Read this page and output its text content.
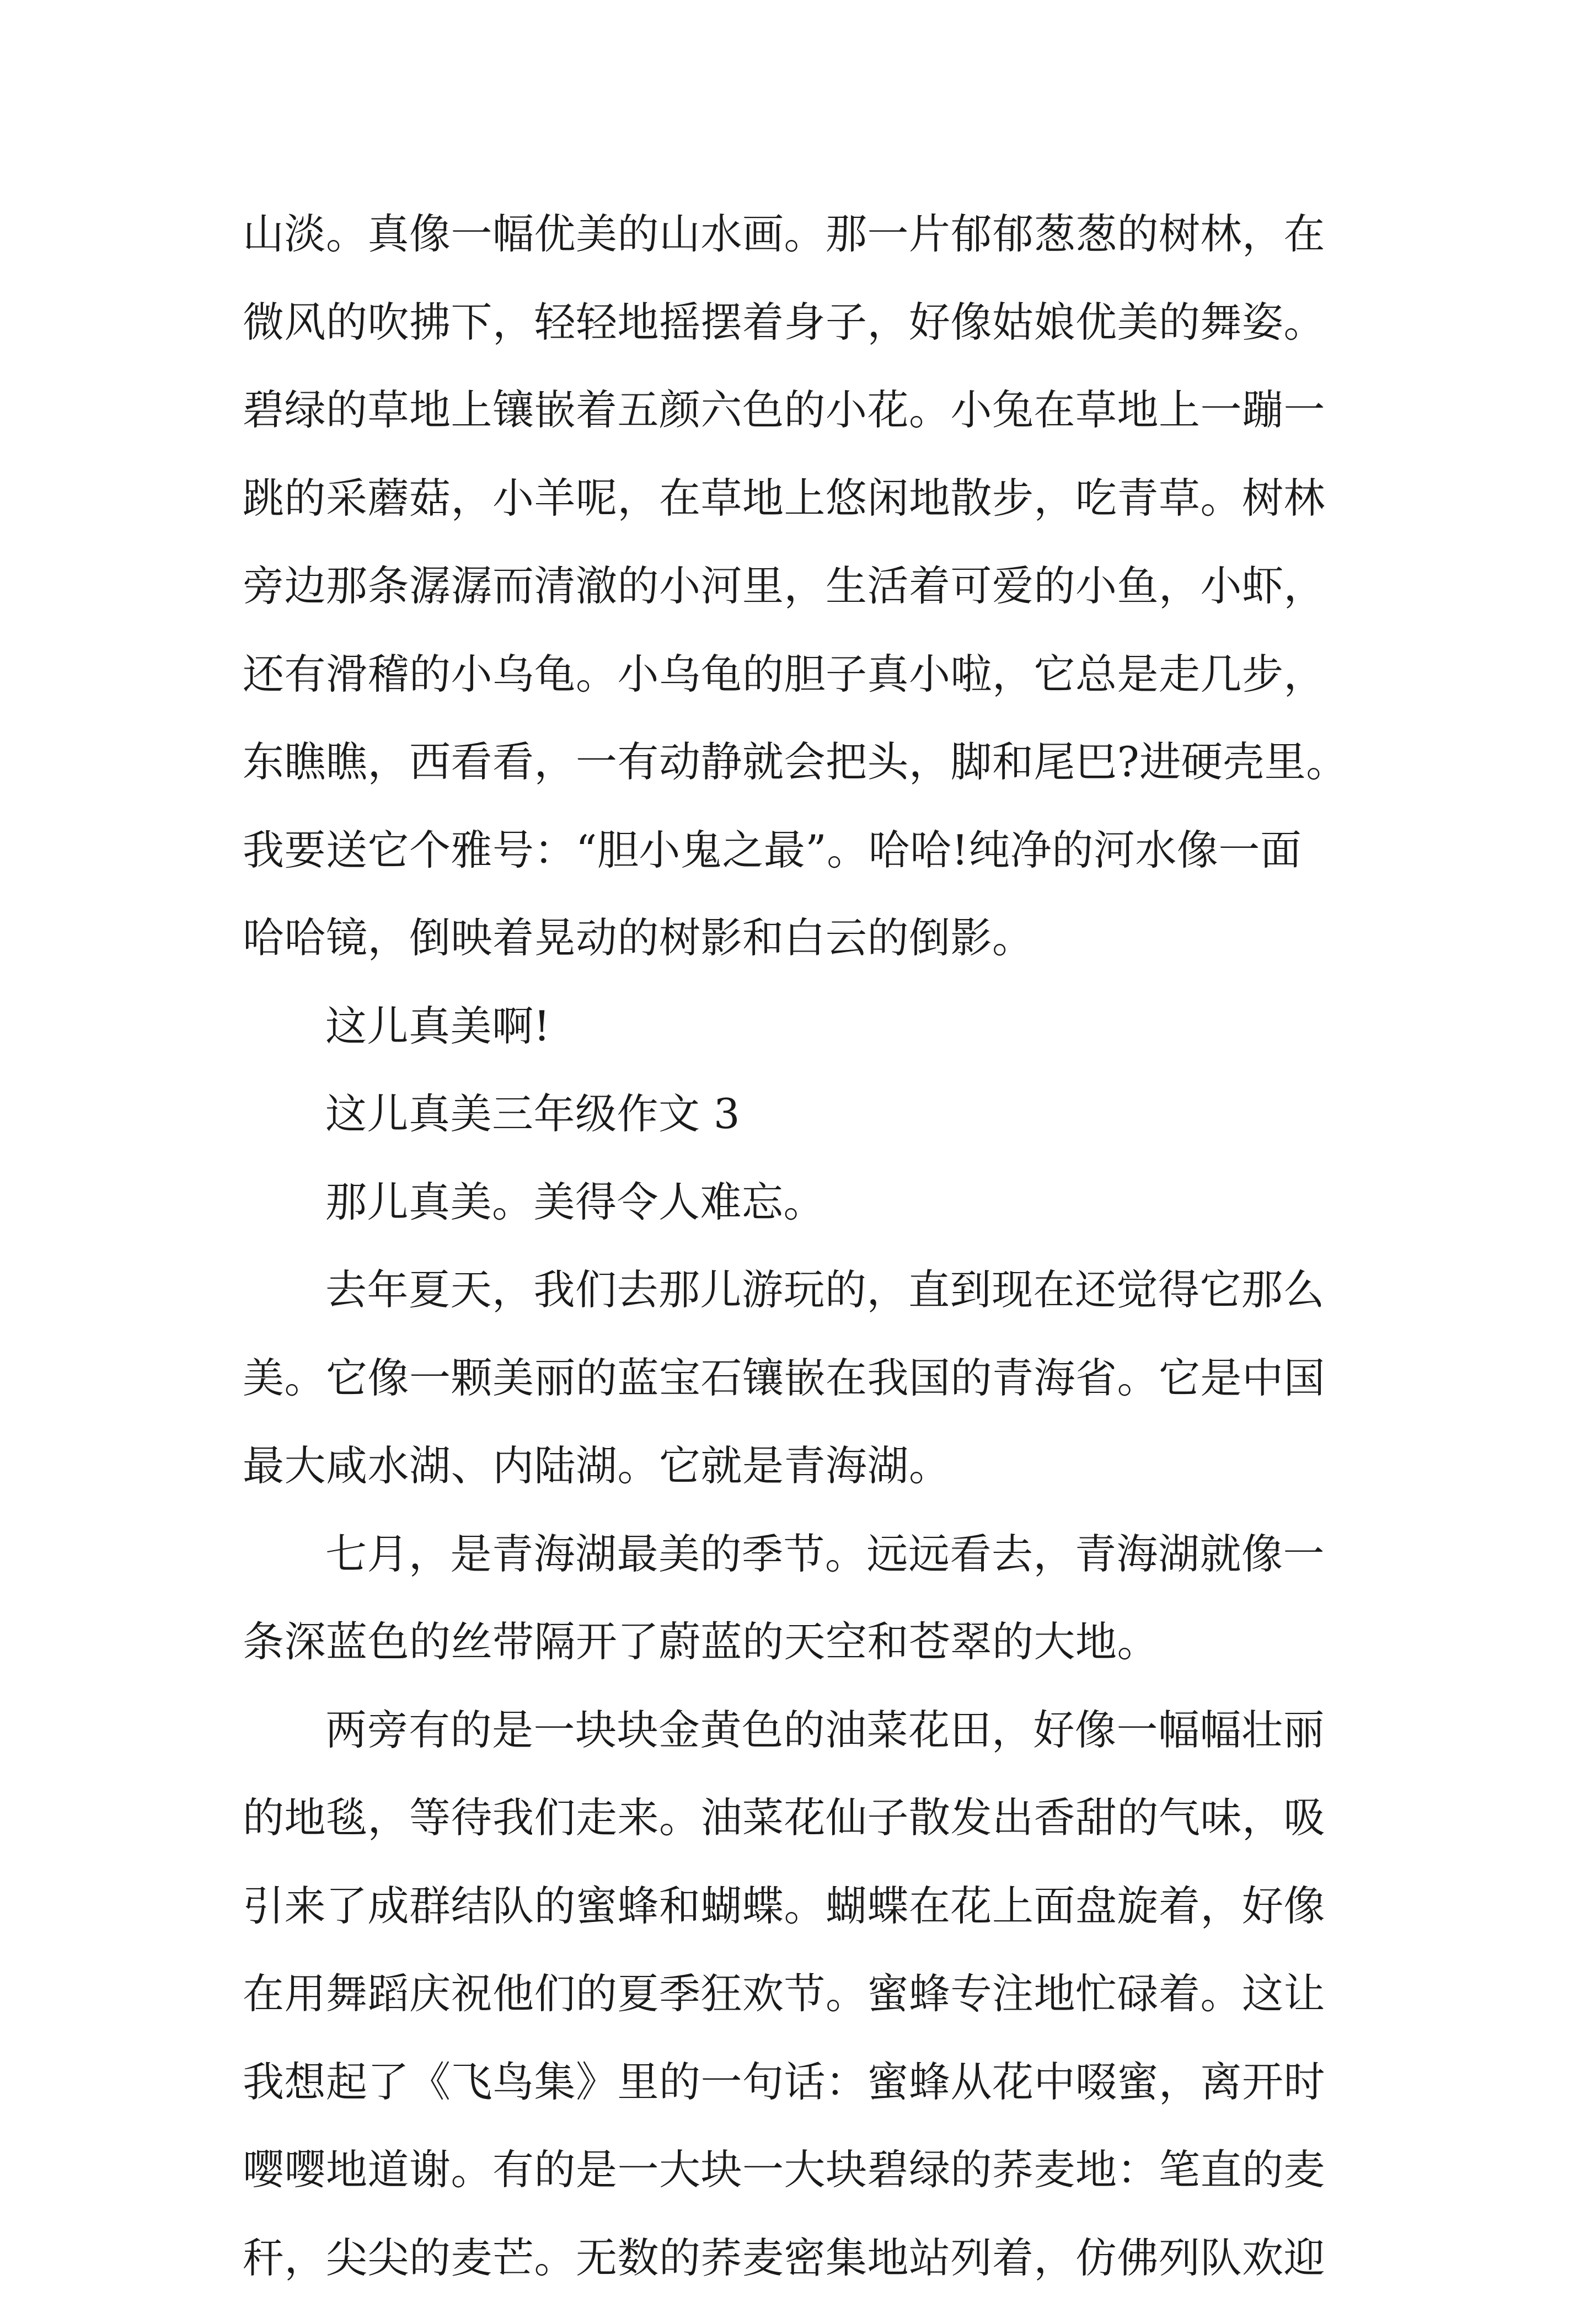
山淡。真像一幅优美的山水画。那一片郁郁葱葱的树林，在
微风的吹拂下，轻轻地摇摆着身子，好像姑娘优美的舞姿。
碧绿的草地上镶嵌着五颜六色的小花。小兔在草地上一蹦一
跳的采蘑菇，小羊呢，在草地上悠闲地散步，吃青草。树林
旁边那条潺潺而清澈的小河里，生活着可爱的小鱼，小虾，
还有滑稽的小乌龟。小乌龟的胆子真小啦，它总是走几步，
东瞧瞧，西看看，一有动静就会把头，脚和尾巴?进硬壳里。
我要送它个雅号：“胆小鬼之最”。哈哈!纯净的河水像一面
哈哈镜，倒映着晃动的树影和白云的倒影。
这儿真美啊!
这儿真美三年级作文 3
那儿真美。美得令人难忘。
去年夏天，我们去那儿游玩的，直到现在还觉得它那么
美。它像一颗美丽的蓝宝石镶嵌在我国的青海省。它是中国
最大咸水湖、内陆湖。它就是青海湖。
七月，是青海湖最美的季节。远远看去，青海湖就像一
条深蓝色的丝带隔开了蔚蓝的天空和苍翠的大地。
两旁有的是一块块金黄色的油菜花田，好像一幅幅壮丽
的地毯，等待我们走来。油菜花仙子散发出香甜的气味，吸
引来了成群结队的蜜蜂和蝴蝶。蝴蝶在花上面盘旋着，好像
在用舞蹈庆祝他们的夏季狂欢节。蜜蜂专注地忙碌着。这让
我想起了《飞鸟集》里的一句话：蜜蜂从花中啜蜜，离开时
嘤嘤地道谢。有的是一大块一大块碧绿的荞麦地：笔直的麦
秆，尖尖的麦芒。无数的荞麦密集地站列着，仿佛列队欢迎
